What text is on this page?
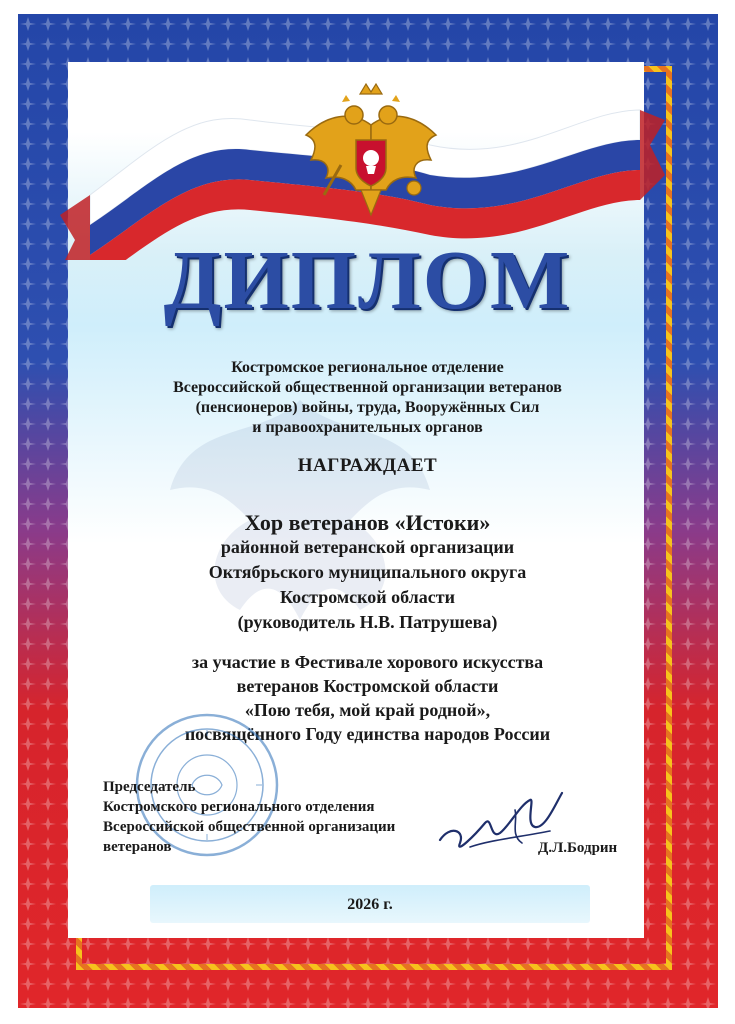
ДИПЛОМ
Костромское региональное отделение
Всероссийской общественной организации ветеранов
(пенсионеров) войны, труда, Вооружённых Сил
и правоохранительных органов
НАГРАЖДАЕТ
Хор ветеранов «Истоки»
районной ветеранской организации
Октябрьского муниципального округа
Костромской области
(руководитель Н.В. Патрушева)
за участие в Фестивале хорового искусства
ветеранов Костромской области
«Пою тебя, мой край родной»,
посвящённого Году единства народов России
Председатель
Костромского регионального отделения
Всероссийской общественной организации
ветеранов	Д.Л.Бодрин
2026 г.
